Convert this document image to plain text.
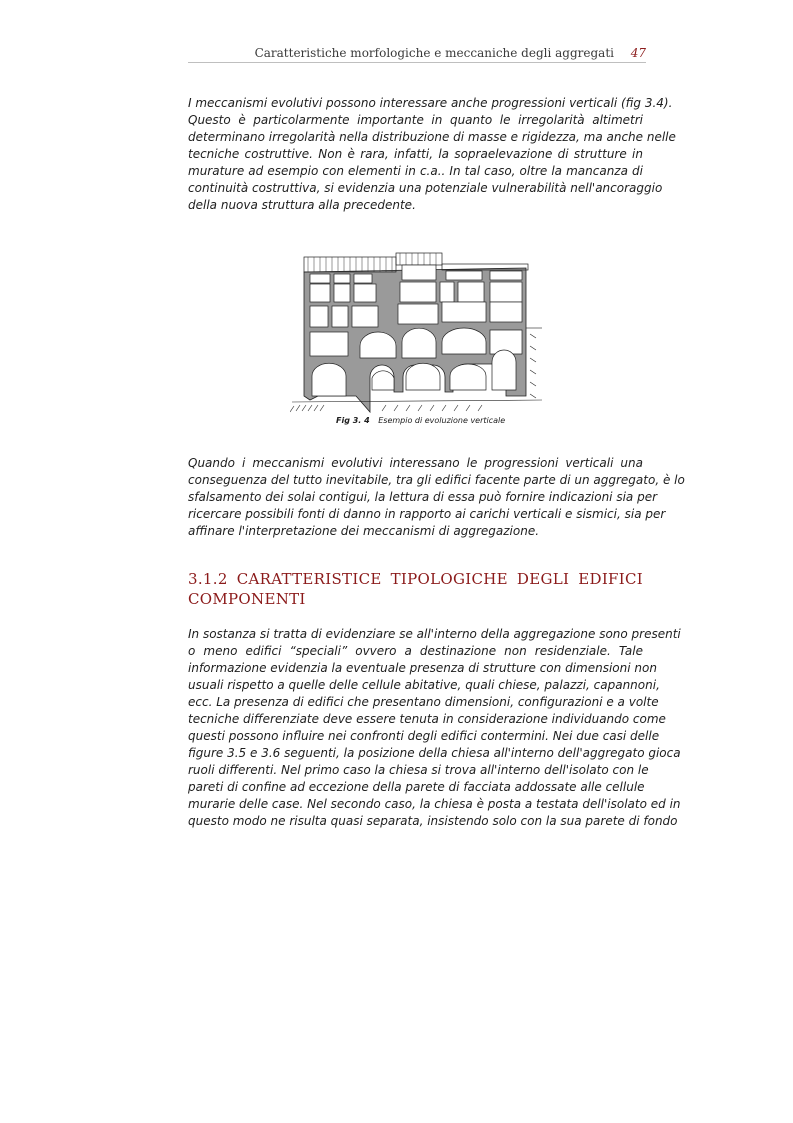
Caratteristiche morfologiche e meccaniche degli aggregati 47
I meccanismi evolutivi possono interessare anche progressioni verticali (fig 3.4).
Questo è particolarmente importante in quanto le irregolarità altimetri
determinano irregolarità nella distribuzione di masse e rigidezza, ma anche nelle
tecniche costruttive. Non è rara, infatti, la sopraelevazione di strutture in
murature ad esempio con elementi in c.a.. In tal caso, oltre la mancanza di
continuità costruttiva, si evidenzia una potenziale vulnerabilità nell'ancoraggio
della nuova struttura alla precedente.
Fig 3. 4 Esempio di evoluzione verticale
Quando i meccanismi evolutivi interessano le progressioni verticali una
conseguenza del tutto inevitabile, tra gli edifici facente parte di un aggregato, è lo
sfalsamento dei solai contigui, la lettura di essa può fornire indicazioni sia per
ricercare possibili fonti di danno in rapporto ai carichi verticali e sismici, sia per
affinare l'interpretazione dei meccanismi di aggregazione.
3.1.2 CARATTERISTICE TIPOLOGICHE DEGLI EDIFICI
COMPONENTI
In sostanza si tratta di evidenziare se all'interno della aggregazione sono presenti
o meno edifici “speciali” ovvero a destinazione non residenziale. Tale
informazione evidenzia la eventuale presenza di strutture con dimensioni non
usuali rispetto a quelle delle cellule abitative, quali chiese, palazzi, capannoni,
ecc. La presenza di edifici che presentano dimensioni, configurazioni e a volte
tecniche differenziate deve essere tenuta in considerazione individuando come
questi possono influire nei confronti degli edifici contermini. Nei due casi delle
figure 3.5 e 3.6 seguenti, la posizione della chiesa all'interno dell'aggregato gioca
ruoli differenti. Nel primo caso la chiesa si trova all'interno dell'isolato con le
pareti di confine ad eccezione della parete di facciata addossate alle cellule
murarie delle case. Nel secondo caso, la chiesa è posta a testata dell'isolato ed in
questo modo ne risulta quasi separata, insistendo solo con la sua parete di fondo
